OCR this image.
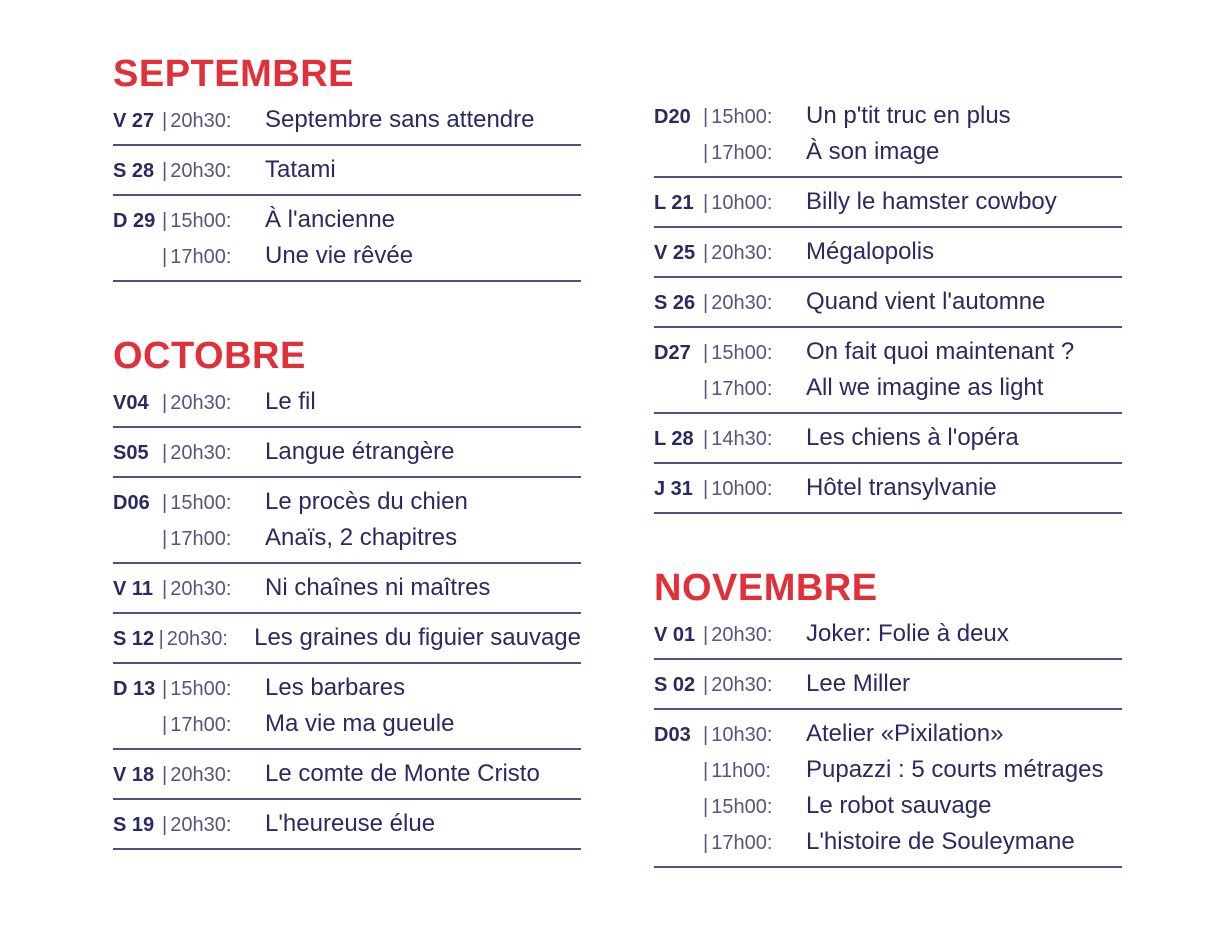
SEPTEMBRE
V 27 | 20h30:	Septembre sans attendre
S 28 | 20h30:	Tatami
D 29 | 15h00:	À l'ancienne
| 17h00:	Une vie rêvée
OCTOBRE
V04 | 20h30:	Le fil
S05 | 20h30:	Langue étrangère
D06 | 15h00:	Le procès du chien
| 17h00:	Anaïs, 2 chapitres
V 11 | 20h30:	Ni chaînes ni maîtres
S 12 | 20h30:	Les graines du figuier sauvage
D 13 | 15h00:	Les barbares
| 17h00:	Ma vie ma gueule
V 18 | 20h30:	Le comte de Monte Cristo
S 19 | 20h30:	L'heureuse élue
D20 | 15h00:	Un p'tit truc en plus
| 17h00:	À son image
L 21 | 10h00:	Billy le hamster cowboy
V 25 | 20h30:	Mégalopolis
S 26 | 20h30:	Quand vient l'automne
D27 | 15h00:	On fait quoi maintenant ?
| 17h00:	All we imagine as light
L 28 | 14h30:	Les chiens à l'opéra
J 31 | 10h00:	Hôtel transylvanie
NOVEMBRE
V 01 | 20h30:	Joker: Folie à deux
S 02 | 20h30:	Lee Miller
D03 | 10h30:	Atelier «Pixilation»
| 11h00:	Pupazzi : 5 courts métrages
| 15h00:	Le robot sauvage
| 17h00:	L'histoire de Souleymane
